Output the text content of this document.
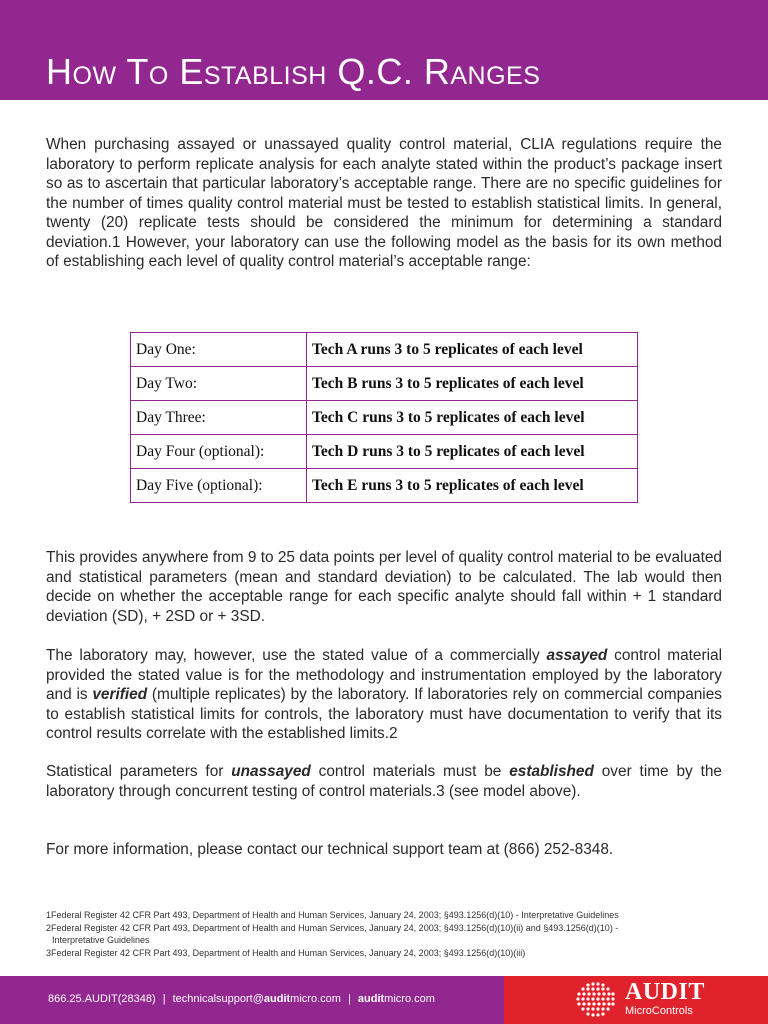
How To Establish Q.C. Ranges

When purchasing assayed or unassayed quality control material, CLIA regulations require the laboratory to perform replicate analysis for each analyte stated within the product’s package insert so as to ascertain that particular laboratory’s acceptable range. There are no specific guidelines for the number of times quality control material must be tested to establish statistical limits. In general, twenty (20) replicate tests should be considered the minimum for determining a standard deviation.1 However, your laboratory can use the following model as the basis for its own method of establishing each level of quality control material’s acceptable range:

Day One:	Tech A runs 3 to 5 replicates of each level
Day Two:	Tech B runs 3 to 5 replicates of each level
Day Three:	Tech C runs 3 to 5 replicates of each level
Day Four (optional):	Tech D runs 3 to 5 replicates of each level
Day Five (optional):	Tech E runs 3 to 5 replicates of each level

This provides anywhere from 9 to 25 data points per level of quality control material to be evaluated and statistical parameters (mean and standard deviation) to be calculated. The lab would then decide on whether the acceptable range for each specific analyte should fall within + 1 standard deviation (SD), + 2SD or + 3SD.

The laboratory may, however, use the stated value of a commercially assayed control material provided the stated value is for the methodology and instrumentation employed by the laboratory and is verified (multiple replicates) by the laboratory. If laboratories rely on commercial companies to establish statistical limits for controls, the laboratory must have documentation to verify that its control results correlate with the established limits.2

Statistical parameters for unassayed control materials must be established over time by the laboratory through concurrent testing of control materials.3 (see model above).

For more information, please contact our technical support team at (866) 252-8348.

1Federal Register 42 CFR Part 493, Department of Health and Human Services, January 24, 2003; §493.1256(d)(10) - Interpretative Guidelines
2Federal Register 42 CFR Part 493, Department of Health and Human Services, January 24, 2003; §493.1256(d)(10)(ii) and §493.1256(d)(10) -
Interpretative Guidelines
3Federal Register 42 CFR Part 493, Department of Health and Human Services, January 24, 2003; §493.1256(d)(10)(iii)
866.25.AUDIT(28348) | technicalsupport@auditmicro.com | auditmicro.com	AUDIT
MicroControls
